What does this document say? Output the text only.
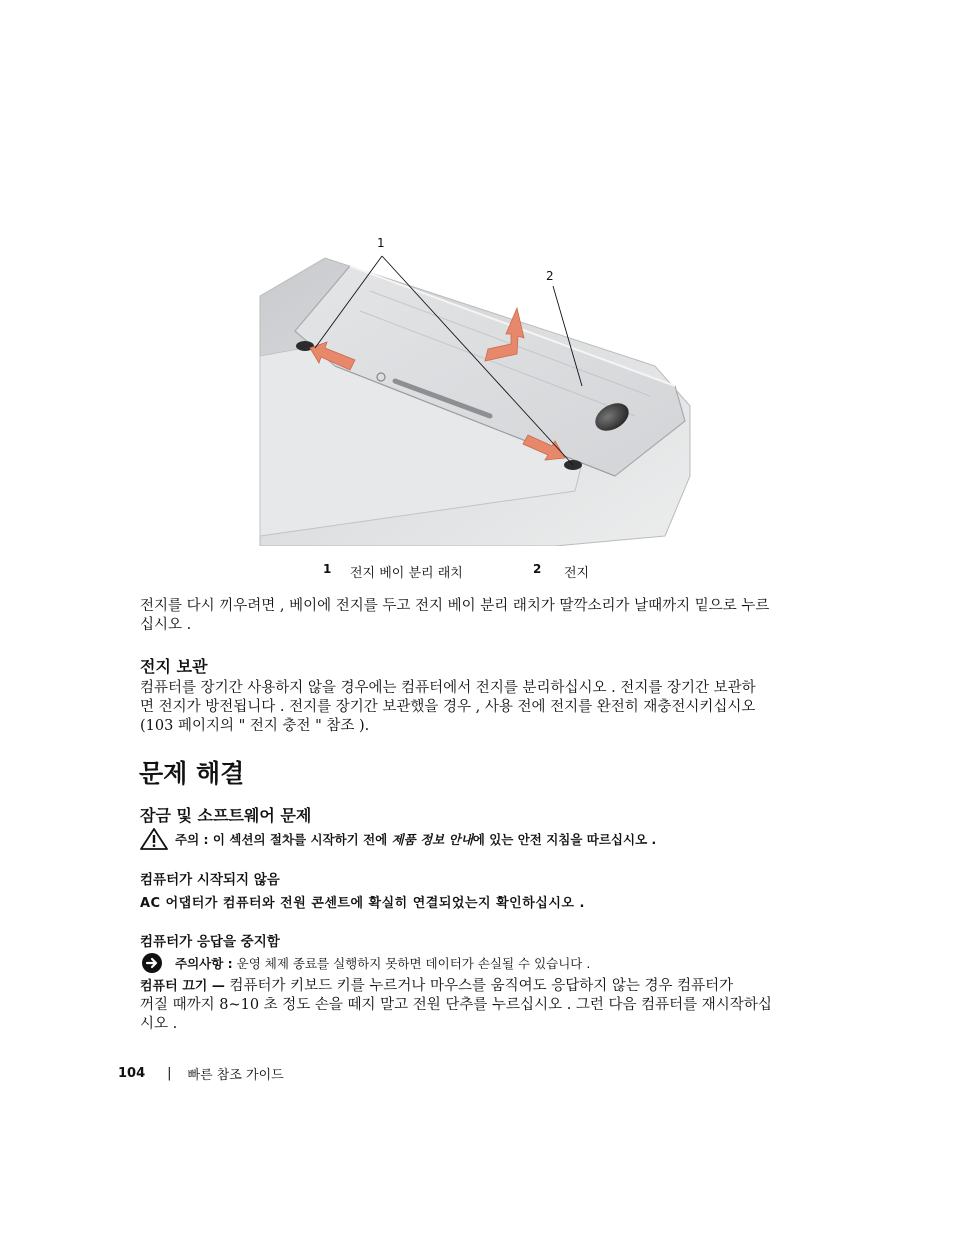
1
2
1 전지 베이 분리 래치	2 전지
전지를 다시 끼우려면 , 베이에 전지를 두고 전지 베이 분리 래치가 딸깍소리가 날때까지 밑으로 누르
십시오 .
전지 보관
컴퓨터를 장기간 사용하지 않을 경우에는 컴퓨터에서 전지를 분리하십시오 . 전지를 장기간 보관하
면 전지가 방전됩니다 . 전지를 장기간 보관했을 경우 , 사용 전에 전지를 완전히 재충전시키십시오
(103 페이지의 " 전지 충전 " 참조 ).
문제 해결
잠금 및 소프트웨어 문제
주의 : 이 섹션의 절차를 시작하기 전에 제품 정보 안내 에 있는 안전 지침을 따르십시오 .
컴퓨터가 시작되지 않음
AC 어댑터가 컴퓨터와 전원 콘센트에 확실히 연결되었는지 확인하십시오 .
컴퓨터가 응답을 중지함
주의사항 : 운영 체제 종료를 실행하지 못하면 데이터가 손실될 수 있습니다 .
컴퓨터 끄기 — 컴퓨터가 키보드 키를 누르거나 마우스를 움직여도 응답하지 않는 경우 컴퓨터가
꺼질 때까지 8~10 초 정도 손을 떼지 말고 전원 단추를 누르십시오 . 그런 다음 컴퓨터를 재시작하십
시오 .
104 | 빠른 참조 가이드
